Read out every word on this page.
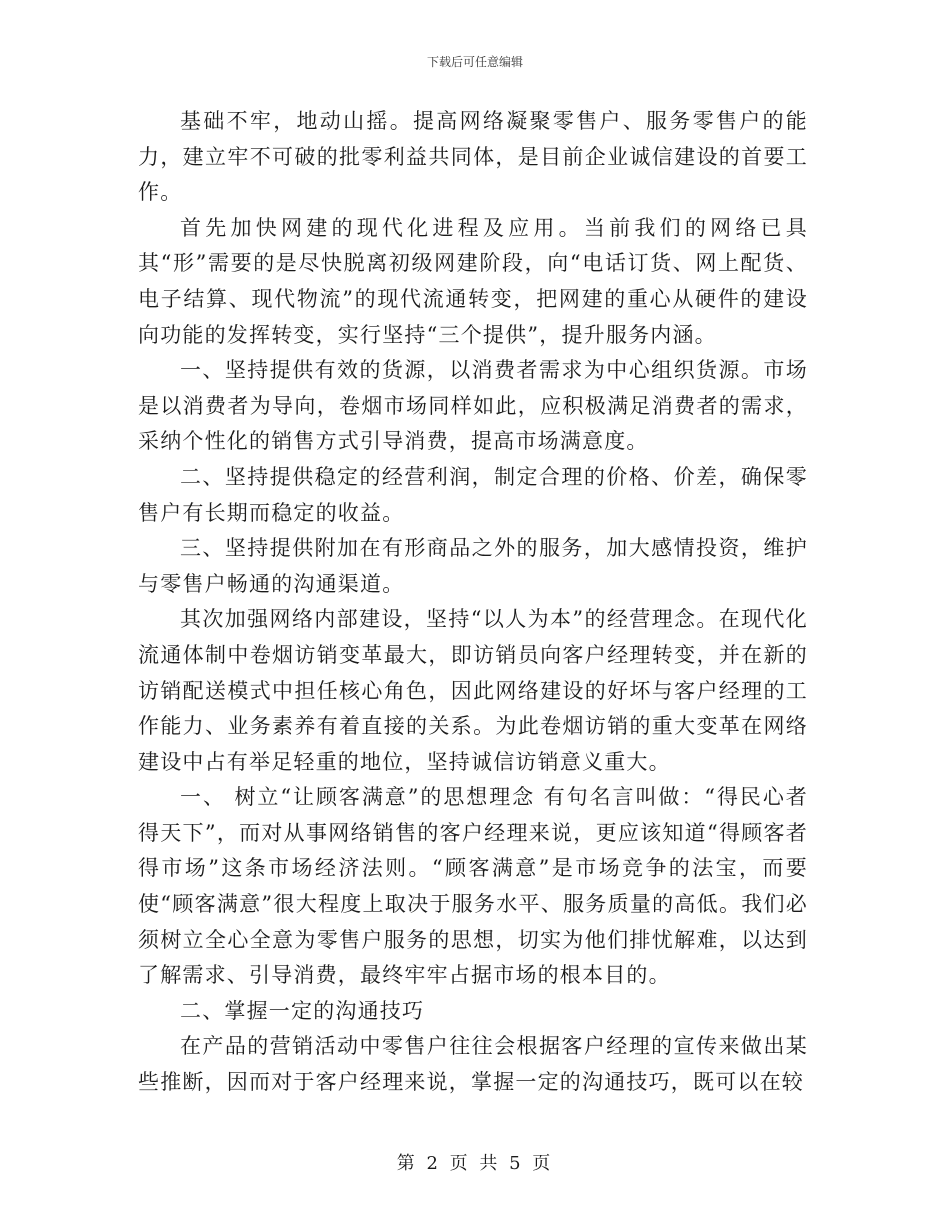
下载后可任意编辑

基础不牢，地动山摇。提高网络凝聚零售户、服务零售户的能力，建立牢不可破的批零利益共同体，是目前企业诚信建设的首要工作。

首先加快网建的现代化进程及应用。当前我们的网络已具其“形”需要的是尽快脱离初级网建阶段，向“电话订货、网上配货、电子结算、现代物流”的现代流通转变，把网建的重心从硬件的建设向功能的发挥转变，实行坚持“三个提供”，提升服务内涵。

一、坚持提供有效的货源，以消费者需求为中心组织货源。市场是以消费者为导向，卷烟市场同样如此，应积极满足消费者的需求，采纳个性化的销售方式引导消费，提高市场满意度。

二、坚持提供稳定的经营利润，制定合理的价格、价差，确保零售户有长期而稳定的收益。

三、坚持提供附加在有形商品之外的服务，加大感情投资，维护与零售户畅通的沟通渠道。

其次加强网络内部建设，坚持“以人为本”的经营理念。在现代化流通体制中卷烟访销变革最大，即访销员向客户经理转变，并在新的访销配送模式中担任核心角色，因此网络建设的好坏与客户经理的工作能力、业务素养有着直接的关系。为此卷烟访销的重大变革在网络建设中占有举足轻重的地位，坚持诚信访销意义重大。

一、 树立“让顾客满意”的思想理念 有句名言叫做：“得民心者得天下”，而对从事网络销售的客户经理来说，更应该知道“得顾客者得市场”这条市场经济法则。“顾客满意”是市场竞争的法宝，而要使“顾客满意”很大程度上取决于服务水平、服务质量的高低。我们必须树立全心全意为零售户服务的思想，切实为他们排忧解难，以达到了解需求、引导消费，最终牢牢占据市场的根本目的。

二、掌握一定的沟通技巧

在产品的营销活动中零售户往往会根据客户经理的宣传来做出某些推断，因而对于客户经理来说，掌握一定的沟通技巧，既可以在较

第 2 页 共 5 页
